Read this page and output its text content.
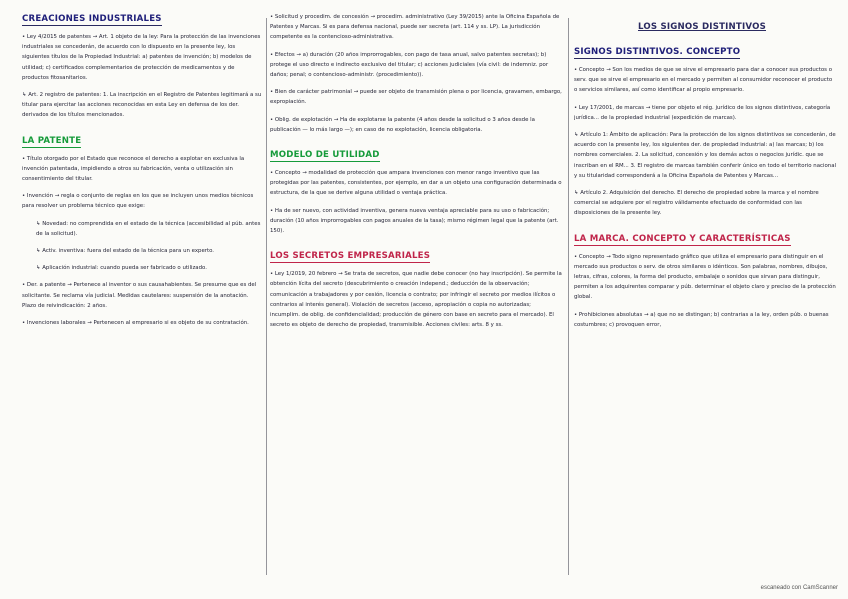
CREACIONES INDUSTRIALES

• Ley 4/2015 de patentes → Art. 1 objeto de la ley: Para la protección de las invenciones industriales se concederán, de acuerdo con lo dispuesto en la presente ley, los siguientes títulos de la Propiedad Industrial: a) patentes de invención; b) modelos de utilidad; c) certificados complementarios de protección de medicamentos y de productos fitosanitarios.

↳ Art. 2 registro de patentes: 1. La inscripción en el Registro de Patentes legitimará a su titular para ejercitar las acciones reconocidas en esta Ley en defensa de los der. derivados de los títulos mencionados.

LA PATENTE

• Título otorgado por el Estado que reconoce el derecho a explotar en exclusiva la invención patentada, impidiendo a otros su fabricación, venta o utilización sin consentimiento del titular.

• Invención → regla o conjunto de reglas en los que se incluyen unos medios técnicos para resolver un problema técnico que exige:

↳ Novedad: no comprendida en el estado de la técnica (accesibilidad al púb. antes de la solicitud).

↳ Activ. inventiva: fuera del estado de la técnica para un experto.

↳ Aplicación industrial: cuando pueda ser fabricado o utilizado.

• Der. a patente → Pertenece al inventor o sus causahabientes. Se presume que es del solicitante. Se reclama vía judicial. Medidas cautelares: suspensión de la anotación. Plazo de reivindicación: 2 años.

• Invenciones laborales → Pertenecen al empresario si es objeto de su contratación.

• Solicitud y procedim. de concesión → procedim. administrativo (Ley 39/2015) ante la Oficina Española de Patentes y Marcas. Si es para defensa nacional, puede ser secreta (art. 114 y ss. LP). La jurisdicción competente es la contencioso-administrativa.

• Efectos → a) duración (20 años improrrogables, con pago de tasa anual, salvo patentes secretas); b) protege el uso directo e indirecto exclusivo del titular; c) acciones judiciales (vía civil: de indemniz. por daños; penal; o contencioso-administr. (procedimiento)).

• Bien de carácter patrimonial → puede ser objeto de transmisión plena o por licencia, gravamen, embargo, expropiación.

• Oblig. de explotación → Ha de explotarse la patente (4 años desde la solicitud o 3 años desde la publicación — lo más largo —); en caso de no explotación, licencia obligatoria.

MODELO DE UTILIDAD

• Concepto → modalidad de protección que ampara invenciones con menor rango inventivo que las protegidas por las patentes, consistentes, por ejemplo, en dar a un objeto una configuración determinada o estructura, de la que se derive alguna utilidad o ventaja práctica.

• Ha de ser nuevo, con actividad inventiva, genera nueva ventaja apreciable para su uso o fabricación; duración (10 años improrrogables con pagos anuales de la tasa); mismo régimen legal que la patente (art. 150).

LOS SECRETOS EMPRESARIALES

• Ley 1/2019, 20 febrero → Se trata de secretos, que nadie debe conocer (no hay inscripción). Se permite la obtención lícita del secreto (descubrimiento o creación independ.; deducción de la observación; comunicación a trabajadores y por cesión, licencia o contrato; por infringir el secreto por medios ilícitos o contrarios al interés general). Violación de secretos (acceso, apropiación o copia no autorizadas; incumplim. de oblig. de confidencialidad; producción de género con base en secreto para el mercado). El secreto es objeto de derecho de propiedad, transmisible. Acciones civiles: arts. 8 y ss.

LOS SIGNOS DISTINTIVOS
SIGNOS DISTINTIVOS. CONCEPTO

• Concepto → Son los medios de que se sirve el empresario para dar a conocer sus productos o serv. que se sirve el empresario en el mercado y permiten al consumidor reconocer el producto o servicios similares, así como identificar al propio empresario.

• Ley 17/2001, de marcas → tiene por objeto el rég. jurídico de los signos distintivos, categoría jurídica... de la propiedad industrial (expedición de marcas).

↳ Artículo 1: Ámbito de aplicación: Para la protección de los signos distintivos se concederán, de acuerdo con la presente ley, los siguientes der. de propiedad industrial: a) las marcas; b) los nombres comerciales. 2. La solicitud, concesión y los demás actos o negocios jurídic. que se inscriban en el RM... 3. El registro de marcas también conferir único en todo el territorio nacional y su titularidad corresponderá a la Oficina Española de Patentes y Marcas...

↳ Artículo 2. Adquisición del derecho. El derecho de propiedad sobre la marca y el nombre comercial se adquiere por el registro válidamente efectuado de conformidad con las disposiciones de la presente ley.

LA MARCA. CONCEPTO Y CARACTERÍSTICAS

• Concepto → Todo signo representado gráfico que utiliza el empresario para distinguir en el mercado sus productos o serv. de otros similares o idénticos. Son palabras, nombres, dibujos, letras, cifras, colores, la forma del producto, embalaje o sonidos que sirvan para distinguir, permiten a los adquirentes comparar y púb. determinar el objeto claro y preciso de la protección global.

• Prohibiciones absolutas → a) que no se distingan; b) contrarias a la ley, orden púb. o buenas costumbres; c) provoquen error,

escaneado con CamScanner
